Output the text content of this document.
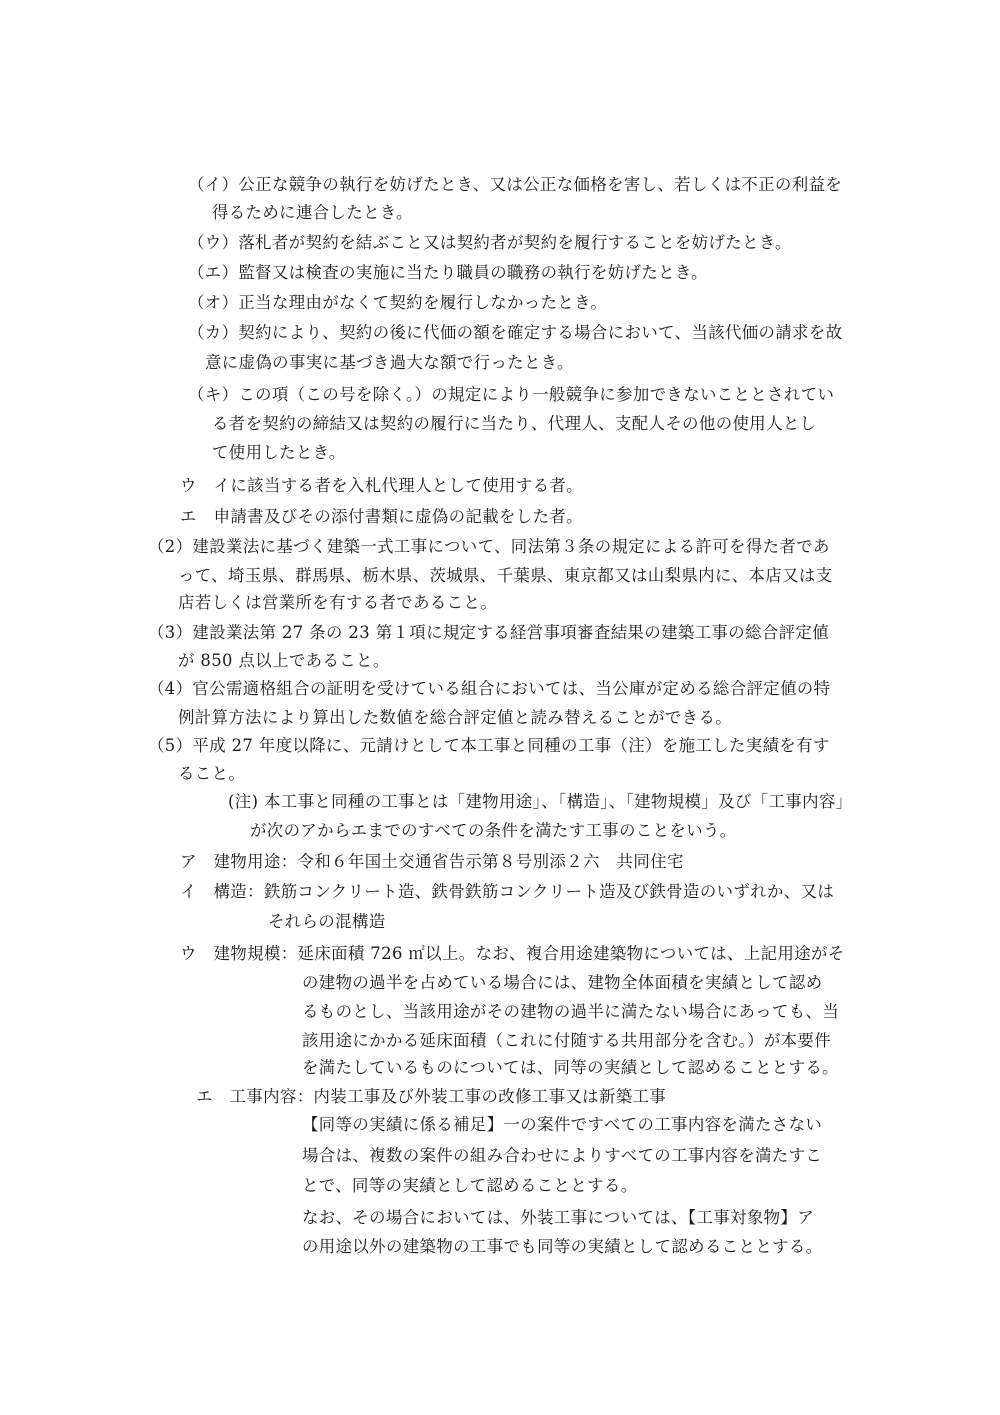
（イ）公正な競争の執行を妨げたとき、又は公正な価格を害し、若しくは不正の利益を
得るために連合したとき。
（ウ）落札者が契約を結ぶこと又は契約者が契約を履行することを妨げたとき。
（エ）監督又は検査の実施に当たり職員の職務の執行を妨げたとき。
（オ）正当な理由がなくて契約を履行しなかったとき。
（カ）契約により、契約の後に代価の額を確定する場合において、当該代価の請求を故
意に虚偽の事実に基づき過大な額で行ったとき。
（キ）この項（この号を除く。）の規定により一般競争に参加できないこととされてい
る者を契約の締結又は契約の履行に当たり、代理人、支配人その他の使用人とし
て使用したとき。
ウ　イに該当する者を入札代理人として使用する者。
エ　申請書及びその添付書類に虚偽の記載をした者。
（2）建設業法に基づく建築一式工事について、同法第３条の規定による許可を得た者であ
って、埼玉県、群馬県、栃木県、茨城県、千葉県、東京都又は山梨県内に、本店又は支
店若しくは営業所を有する者であること。
（3）建設業法第 27 条の 23 第１項に規定する経営事項審査結果の建築工事の総合評定値
が 850 点以上であること。
（4）官公需適格組合の証明を受けている組合においては、当公庫が定める総合評定値の特
例計算方法により算出した数値を総合評定値と読み替えることができる。
（5）平成 27 年度以降に、元請けとして本工事と同種の工事（注）を施工した実績を有す
ること。
(注) 本工事と同種の工事とは「建物用途」、「構造」、「建物規模」及び「工事内容」
が次のアからエまでのすべての条件を満たす工事のことをいう。
ア　建物用途：令和６年国土交通省告示第８号別添２六　共同住宅
イ　構造：鉄筋コンクリート造、鉄骨鉄筋コンクリート造及び鉄骨造のいずれか、又は
それらの混構造
ウ　建物規模：延床面積 726 ㎡以上。なお、複合用途建築物については、上記用途がそ
の建物の過半を占めている場合には、建物全体面積を実績として認め
るものとし、当該用途がその建物の過半に満たない場合にあっても、当
該用途にかかる延床面積（これに付随する共用部分を含む。）が本要件
を満たしているものについては、同等の実績として認めることとする。
エ　工事内容：内装工事及び外装工事の改修工事又は新築工事
【同等の実績に係る補足】一の案件ですべての工事内容を満たさない
場合は、複数の案件の組み合わせによりすべての工事内容を満たすこ
とで、同等の実績として認めることとする。
なお、その場合においては、外装工事については、【工事対象物】ア
の用途以外の建築物の工事でも同等の実績として認めることとする。
